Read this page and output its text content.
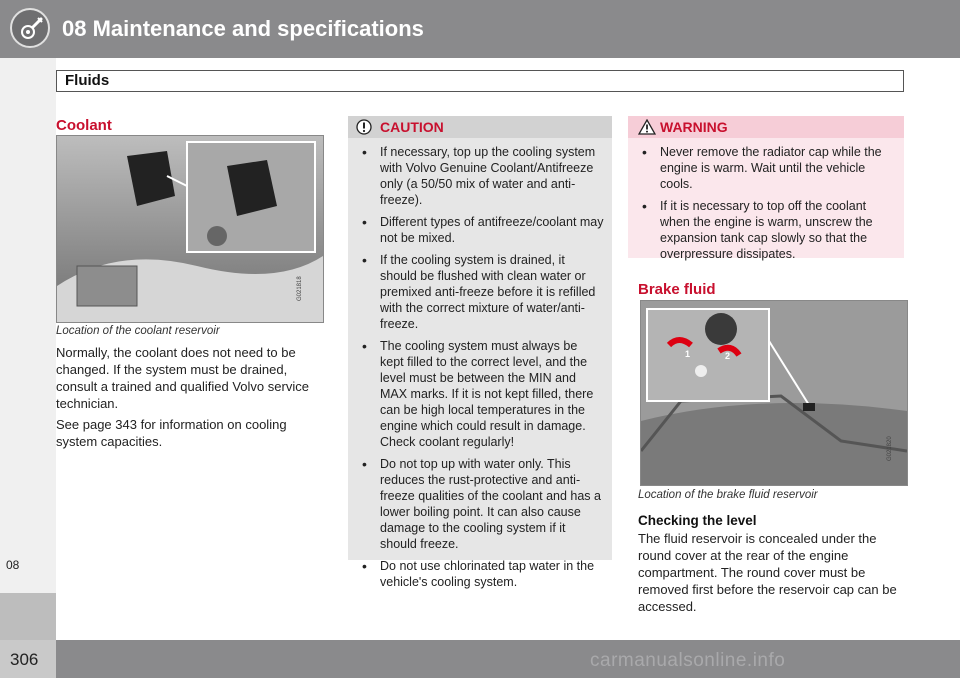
08 Maintenance and specifications
Fluids
08
Coolant
G021818
Location of the coolant reservoir

Normally, the coolant does not need to be changed. If the system must be drained, consult a trained and qualified Volvo service technician.

See page 343 for information on cooling system capacities.

CAUTION
• If necessary, top up the cooling system with Volvo Genuine Coolant/Antifreeze only (a 50/50 mix of water and anti-freeze).
• Different types of antifreeze/coolant may not be mixed.
• If the cooling system is drained, it should be flushed with clean water or premixed anti-freeze before it is refilled with the correct mixture of water/anti-freeze.
• The cooling system must always be kept filled to the correct level, and the level must be between the MIN and MAX marks. If it is not kept filled, there can be high local temperatures in the engine which could result in damage. Check coolant regularly!
• Do not top up with water only. This reduces the rust-protective and anti-freeze qualities of the coolant and has a lower boiling point. It can also cause damage to the cooling system if it should freeze.
• Do not use chlorinated tap water in the vehicle's cooling system.
WARNING
• Never remove the radiator cap while the engine is warm. Wait until the vehicle cools.
• If it is necessary to top off the coolant when the engine is warm, unscrew the expansion tank cap slowly so that the overpressure dissipates.
Brake fluid
1	2
G021820
Location of the brake fluid reservoir
Checking the level

The fluid reservoir is concealed under the round cover at the rear of the engine compartment. The round cover must be removed first before the reservoir cap can be accessed.

306	carmanualsonline.info
